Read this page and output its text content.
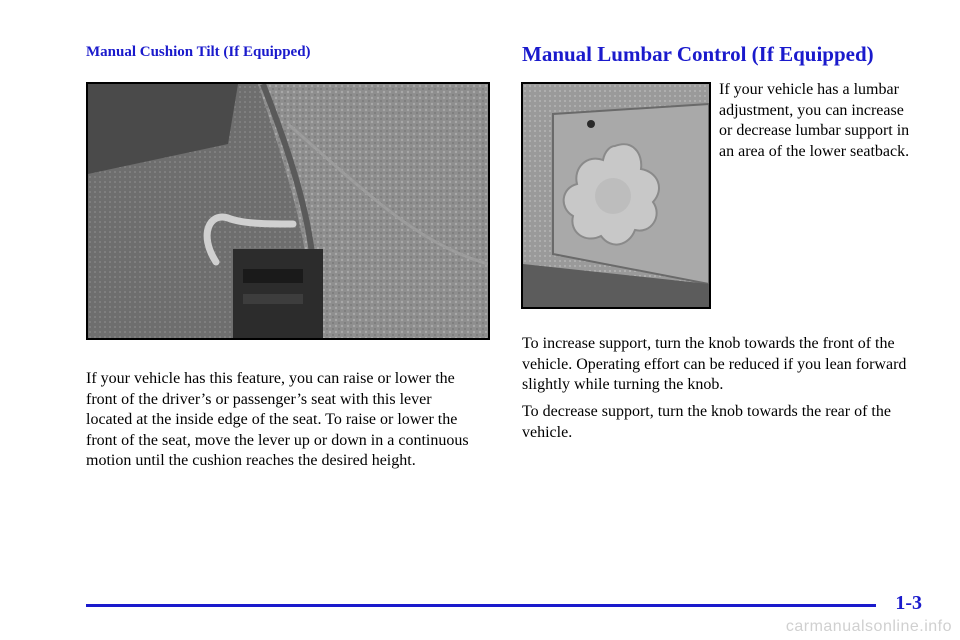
Manual Cushion Tilt (If Equipped)	Manual Lumbar Control (If Equipped)

If your vehicle has this feature, you can raise or lower the front of the driver’s or passenger’s seat with this lever located at the inside edge of the seat. To raise or lower the front of the seat, move the lever up or down in a continuous motion until the cushion reaches the desired height.

If your vehicle has a lumbar adjustment, you can increase or decrease lumbar support in an area of the lower seatback.

To increase support, turn the knob towards the front of the vehicle. Operating effort can be reduced if you lean forward slightly while turning the knob.

To decrease support, turn the knob towards the rear of the vehicle.

1-3
carmanualsonline.info
